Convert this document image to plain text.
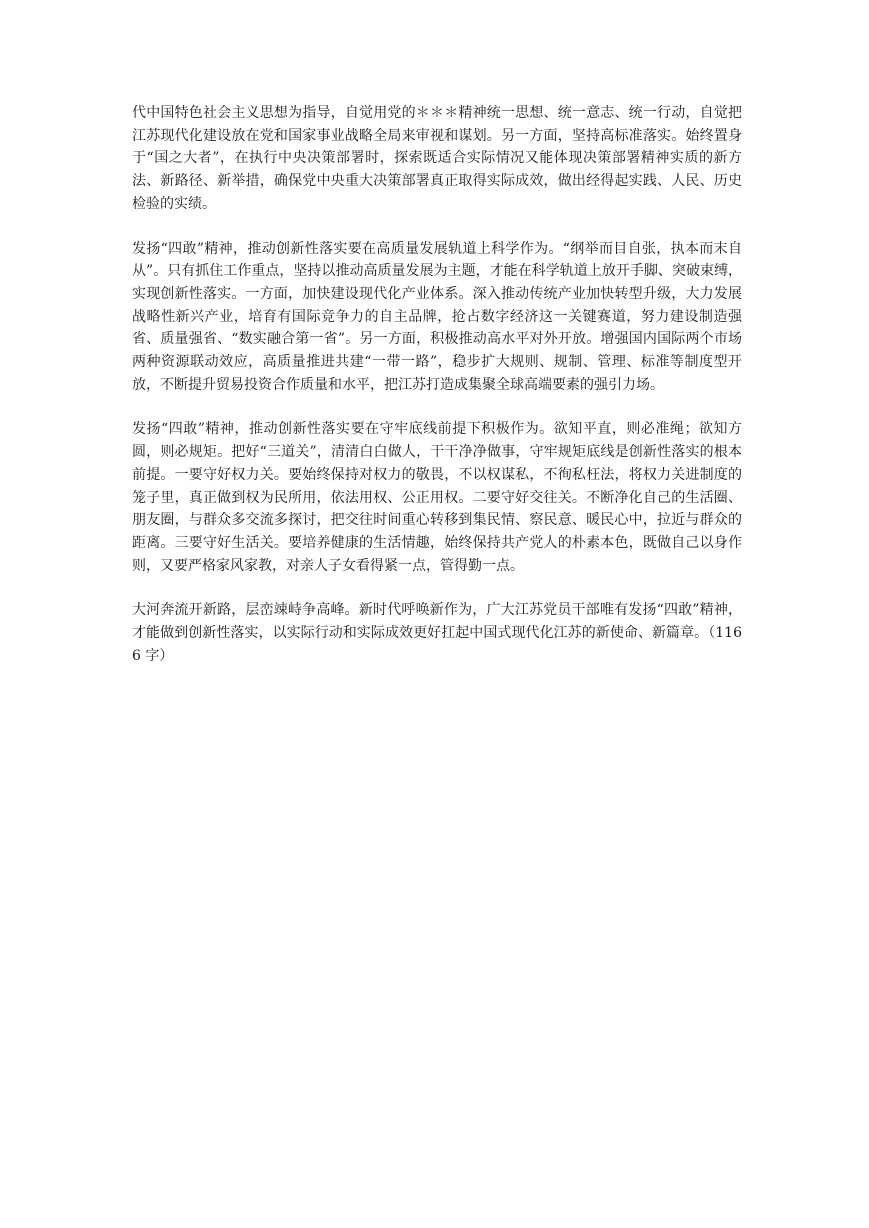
代中国特色社会主义思想为指导，自觉用党的＊＊＊精神统一思想、统一意志、统一行动，自觉把江苏现代化建设放在党和国家事业战略全局来审视和谋划。另一方面，坚持高标准落实。始终置身于“国之大者”，在执行中央决策部署时，探索既适合实际情况又能体现决策部署精神实质的新方法、新路径、新举措，确保党中央重大决策部署真正取得实际成效，做出经得起实践、人民、历史检验的实绩。

发扬“四敢”精神，推动创新性落实要在高质量发展轨道上科学作为。“纲举而目自张，执本而末自从”。只有抓住工作重点，坚持以推动高质量发展为主题，才能在科学轨道上放开手脚、突破束缚，实现创新性落实。一方面，加快建设现代化产业体系。深入推动传统产业加快转型升级，大力发展战略性新兴产业，培育有国际竞争力的自主品牌，抢占数字经济这一关键赛道，努力建设制造强省、质量强省、“数实融合第一省”。另一方面，积极推动高水平对外开放。增强国内国际两个市场两种资源联动效应，高质量推进共建“一带一路”，稳步扩大规则、规制、管理、标准等制度型开放，不断提升贸易投资合作质量和水平，把江苏打造成集聚全球高端要素的强引力场。

发扬“四敢”精神，推动创新性落实要在守牢底线前提下积极作为。欲知平直，则必准绳；欲知方圆，则必规矩。把好“三道关”，清清白白做人，干干净净做事，守牢规矩底线是创新性落实的根本前提。一要守好权力关。要始终保持对权力的敬畏，不以权谋私，不徇私枉法，将权力关进制度的笼子里，真正做到权为民所用，依法用权、公正用权。二要守好交往关。不断净化自己的生活圈、朋友圈，与群众多交流多探讨，把交往时间重心转移到集民情、察民意、暖民心中，拉近与群众的距离。三要守好生活关。要培养健康的生活情趣，始终保持共产党人的朴素本色，既做自己以身作则，又要严格家风家教，对亲人子女看得紧一点，管得勤一点。

大河奔流开新路，层峦竦峙争高峰。新时代呼唤新作为，广大江苏党员干部唯有发扬“四敢”精神，才能做到创新性落实，以实际行动和实际成效更好扛起中国式现代化江苏的新使命、新篇章。（1166 字）
